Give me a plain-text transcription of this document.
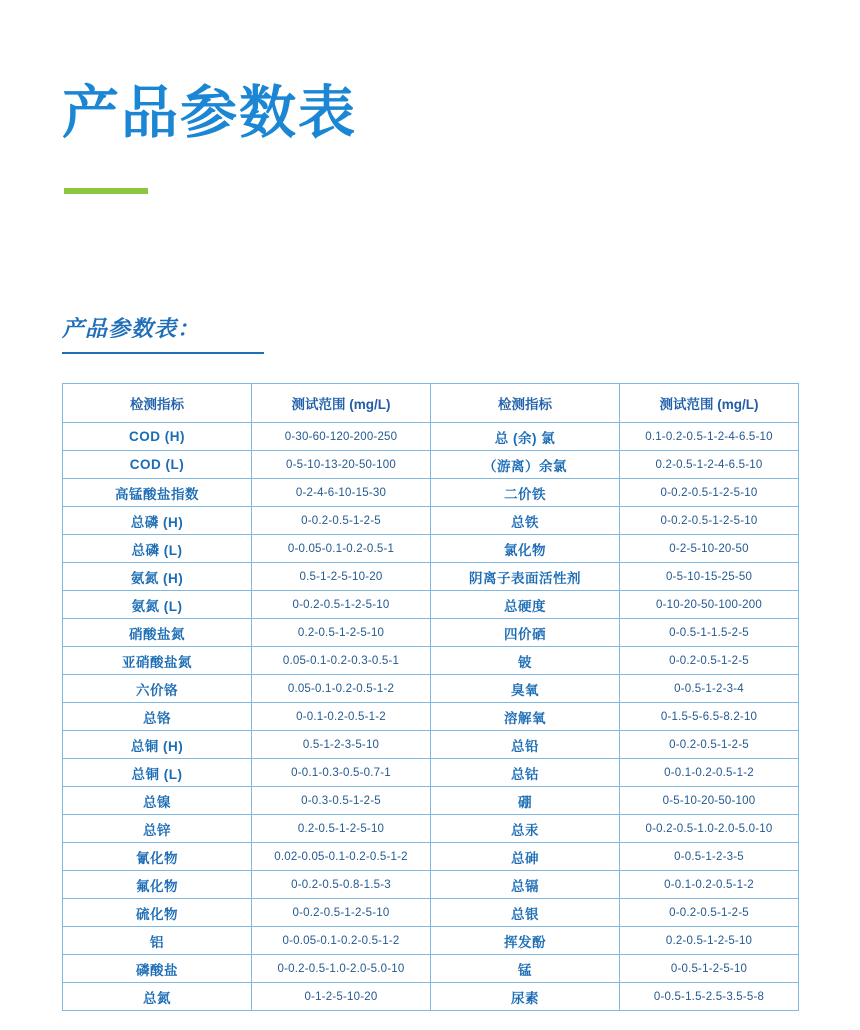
产品参数表
产品参数表：
检测指标	测试范围 (mg/L)	检测指标	测试范围 (mg/L)
COD (H)	0-30-60-120-200-250	总 (余) 氯	0.1-0.2-0.5-1-2-4-6.5-10
COD (L)	0-5-10-13-20-50-100	（游离）余氯	0.2-0.5-1-2-4-6.5-10
高锰酸盐指数	0-2-4-6-10-15-30	二价铁	0-0.2-0.5-1-2-5-10
总磷 (H)	0-0.2-0.5-1-2-5	总铁	0-0.2-0.5-1-2-5-10
总磷 (L)	0-0.05-0.1-0.2-0.5-1	氯化物	0-2-5-10-20-50
氨氮 (H)	0.5-1-2-5-10-20	阴离子表面活性剂	0-5-10-15-25-50
氨氮 (L)	0-0.2-0.5-1-2-5-10	总硬度	0-10-20-50-100-200
硝酸盐氮	0.2-0.5-1-2-5-10	四价硒	0-0.5-1-1.5-2-5
亚硝酸盐氮	0.05-0.1-0.2-0.3-0.5-1	铍	0-0.2-0.5-1-2-5
六价铬	0.05-0.1-0.2-0.5-1-2	臭氧	0-0.5-1-2-3-4
总铬	0-0.1-0.2-0.5-1-2	溶解氧	0-1.5-5-6.5-8.2-10
总铜 (H)	0.5-1-2-3-5-10	总铅	0-0.2-0.5-1-2-5
总铜 (L)	0-0.1-0.3-0.5-0.7-1	总钴	0-0.1-0.2-0.5-1-2
总镍	0-0.3-0.5-1-2-5	硼	0-5-10-20-50-100
总锌	0.2-0.5-1-2-5-10	总汞	0-0.2-0.5-1.0-2.0-5.0-10
氰化物	0.02-0.05-0.1-0.2-0.5-1-2	总砷	0-0.5-1-2-3-5
氟化物	0-0.2-0.5-0.8-1.5-3	总镉	0-0.1-0.2-0.5-1-2
硫化物	0-0.2-0.5-1-2-5-10	总银	0-0.2-0.5-1-2-5
铝	0-0.05-0.1-0.2-0.5-1-2	挥发酚	0.2-0.5-1-2-5-10
磷酸盐	0-0.2-0.5-1.0-2.0-5.0-10	锰	0-0.5-1-2-5-10
总氮	0-1-2-5-10-20	尿素	0-0.5-1.5-2.5-3.5-5-8
